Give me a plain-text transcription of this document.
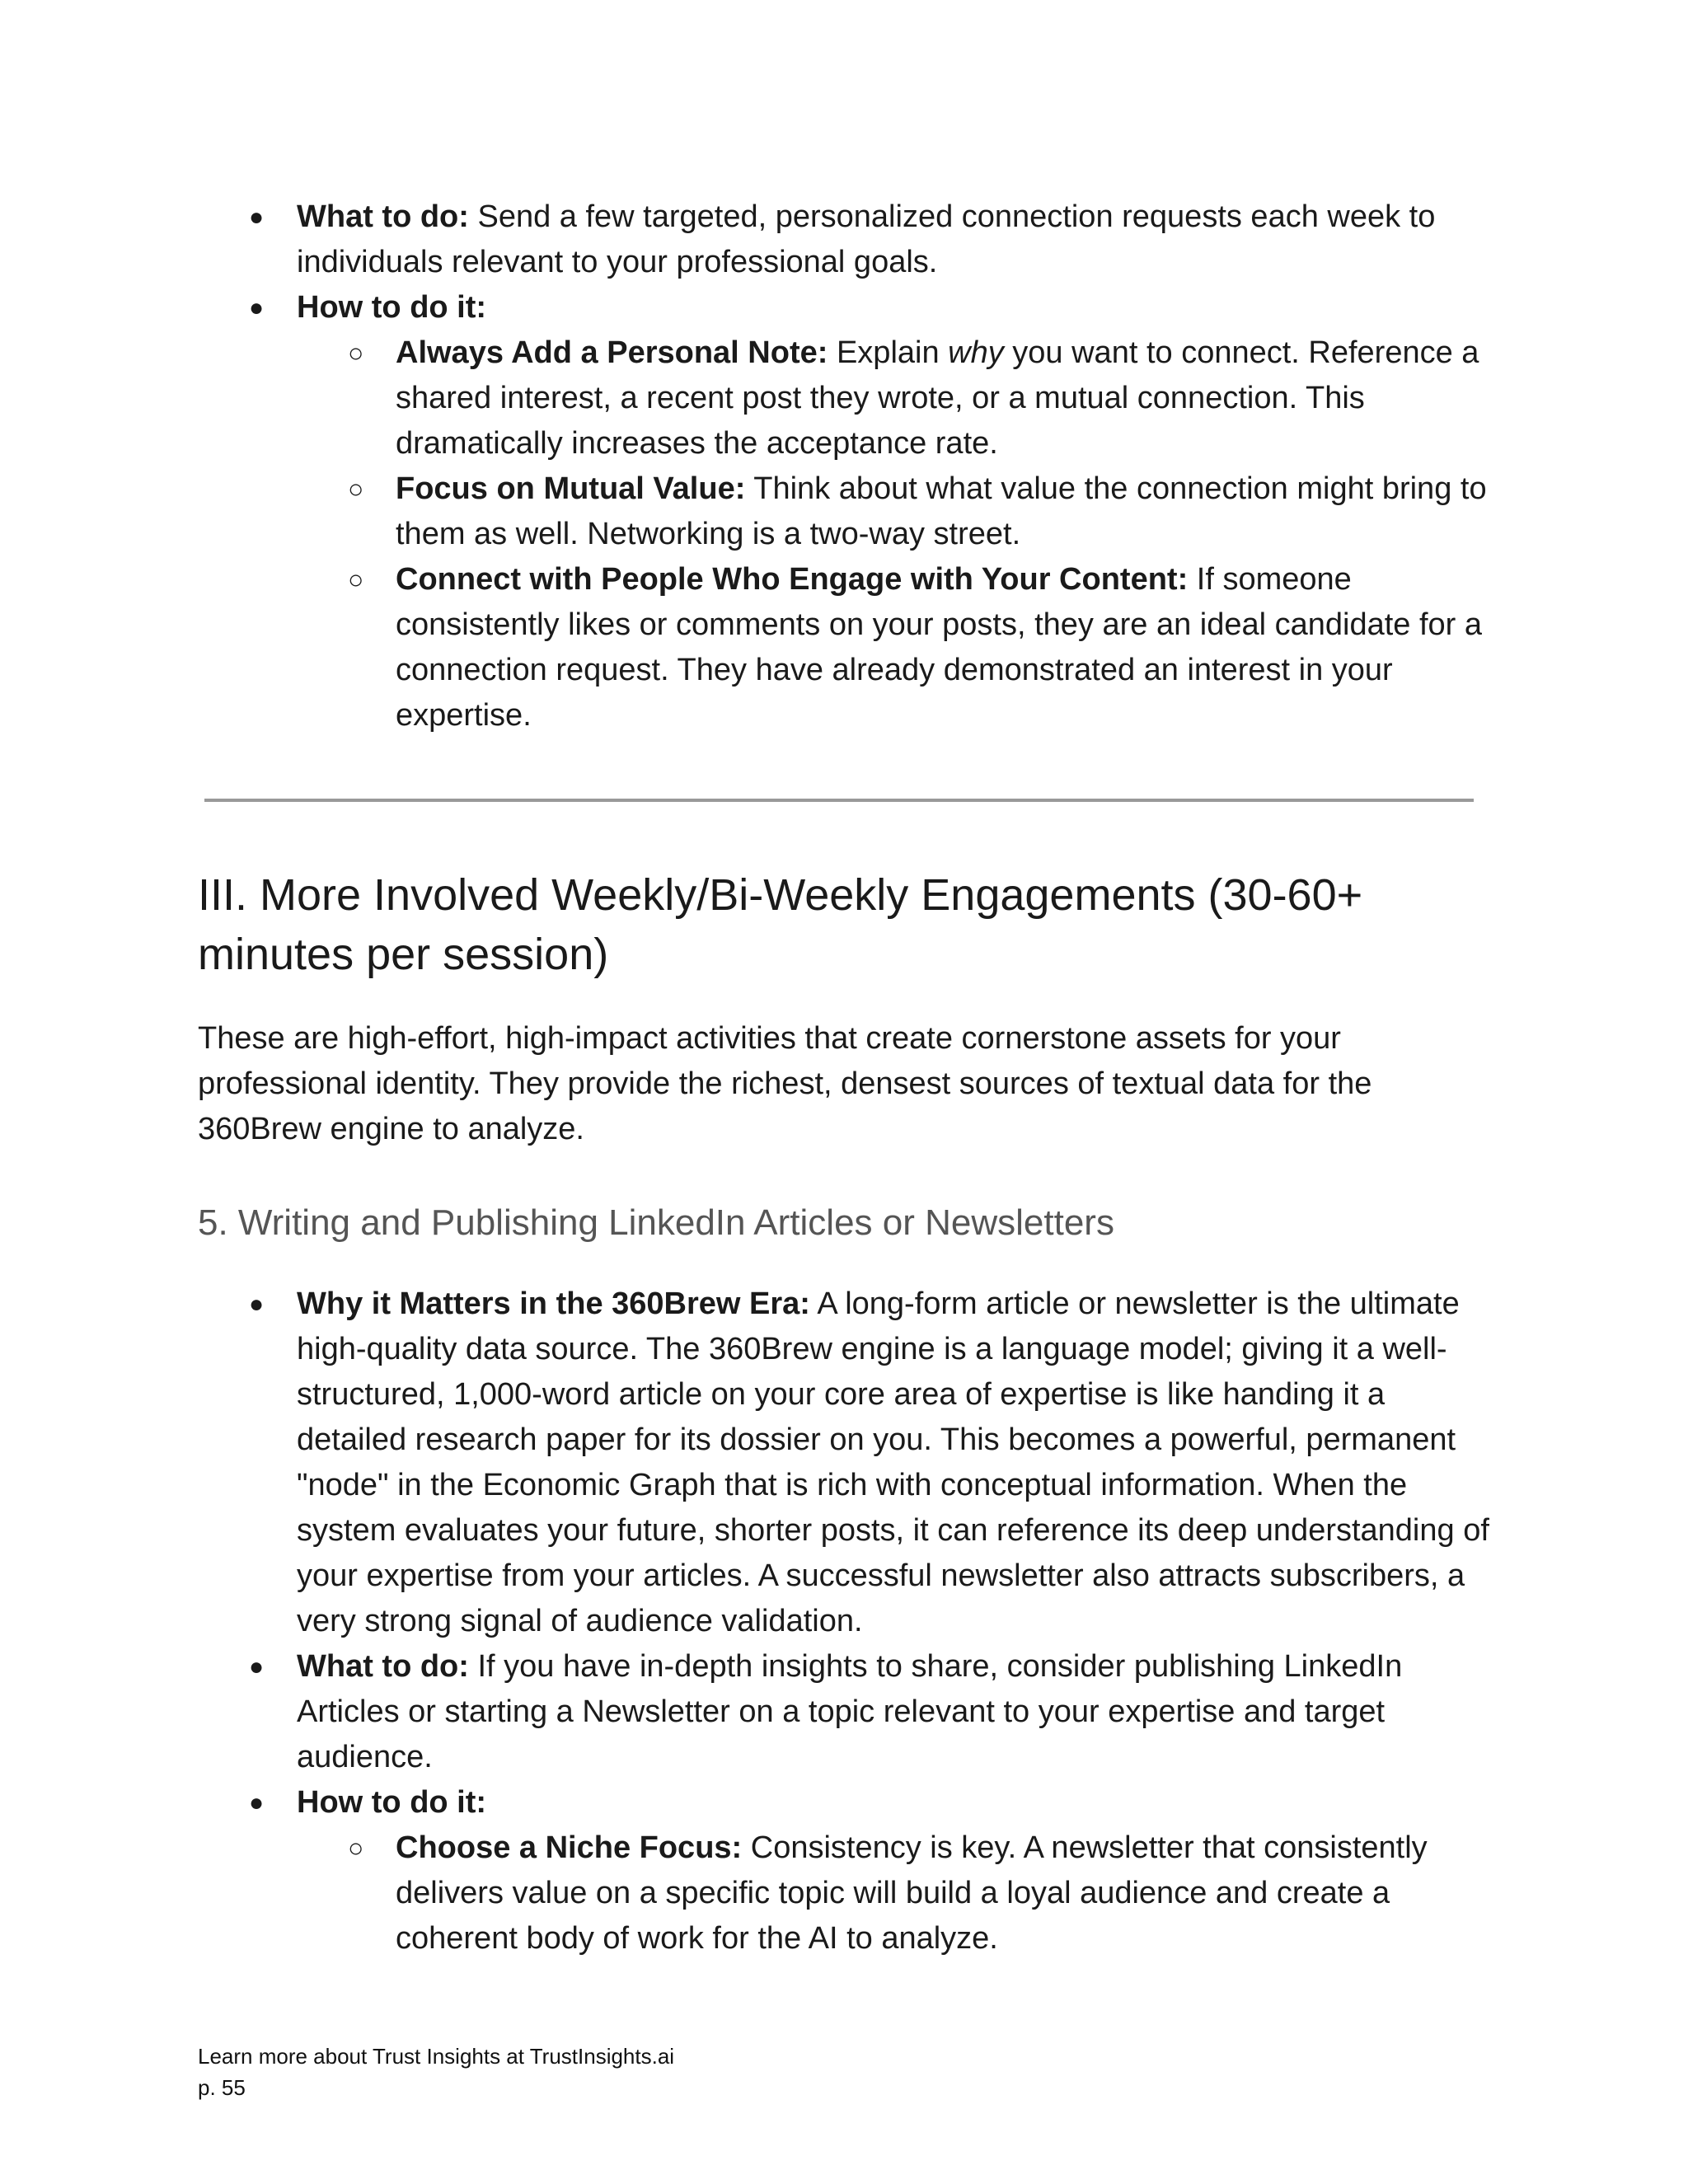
● What to do: Send a few targeted, personalized connection requests each week to individuals relevant to your professional goals.
● How to do it:
○ Always Add a Personal Note: Explain why you want to connect. Reference a shared interest, a recent post they wrote, or a mutual connection. This dramatically increases the acceptance rate.
○ Focus on Mutual Value: Think about what value the connection might bring to them as well. Networking is a two-way street.
○ Connect with People Who Engage with Your Content: If someone consistently likes or comments on your posts, they are an ideal candidate for a connection request. They have already demonstrated an interest in your expertise.
III. More Involved Weekly/Bi-Weekly Engagements (30-60+ minutes per session)

These are high-effort, high-impact activities that create cornerstone assets for your professional identity. They provide the richest, densest sources of textual data for the 360Brew engine to analyze.

5. Writing and Publishing LinkedIn Articles or Newsletters
● Why it Matters in the 360Brew Era: A long-form article or newsletter is the ultimate high-quality data source. The 360Brew engine is a language model; giving it a well-structured, 1,000-word article on your core area of expertise is like handing it a detailed research paper for its dossier on you. This becomes a powerful, permanent "node" in the Economic Graph that is rich with conceptual information. When the system evaluates your future, shorter posts, it can reference its deep understanding of your expertise from your articles. A successful newsletter also attracts subscribers, a very strong signal of audience validation.
● What to do: If you have in-depth insights to share, consider publishing LinkedIn Articles or starting a Newsletter on a topic relevant to your expertise and target audience.
● How to do it:
○ Choose a Niche Focus: Consistency is key. A newsletter that consistently delivers value on a specific topic will build a loyal audience and create a coherent body of work for the AI to analyze.
Learn more about Trust Insights at TrustInsights.ai
p. 55
